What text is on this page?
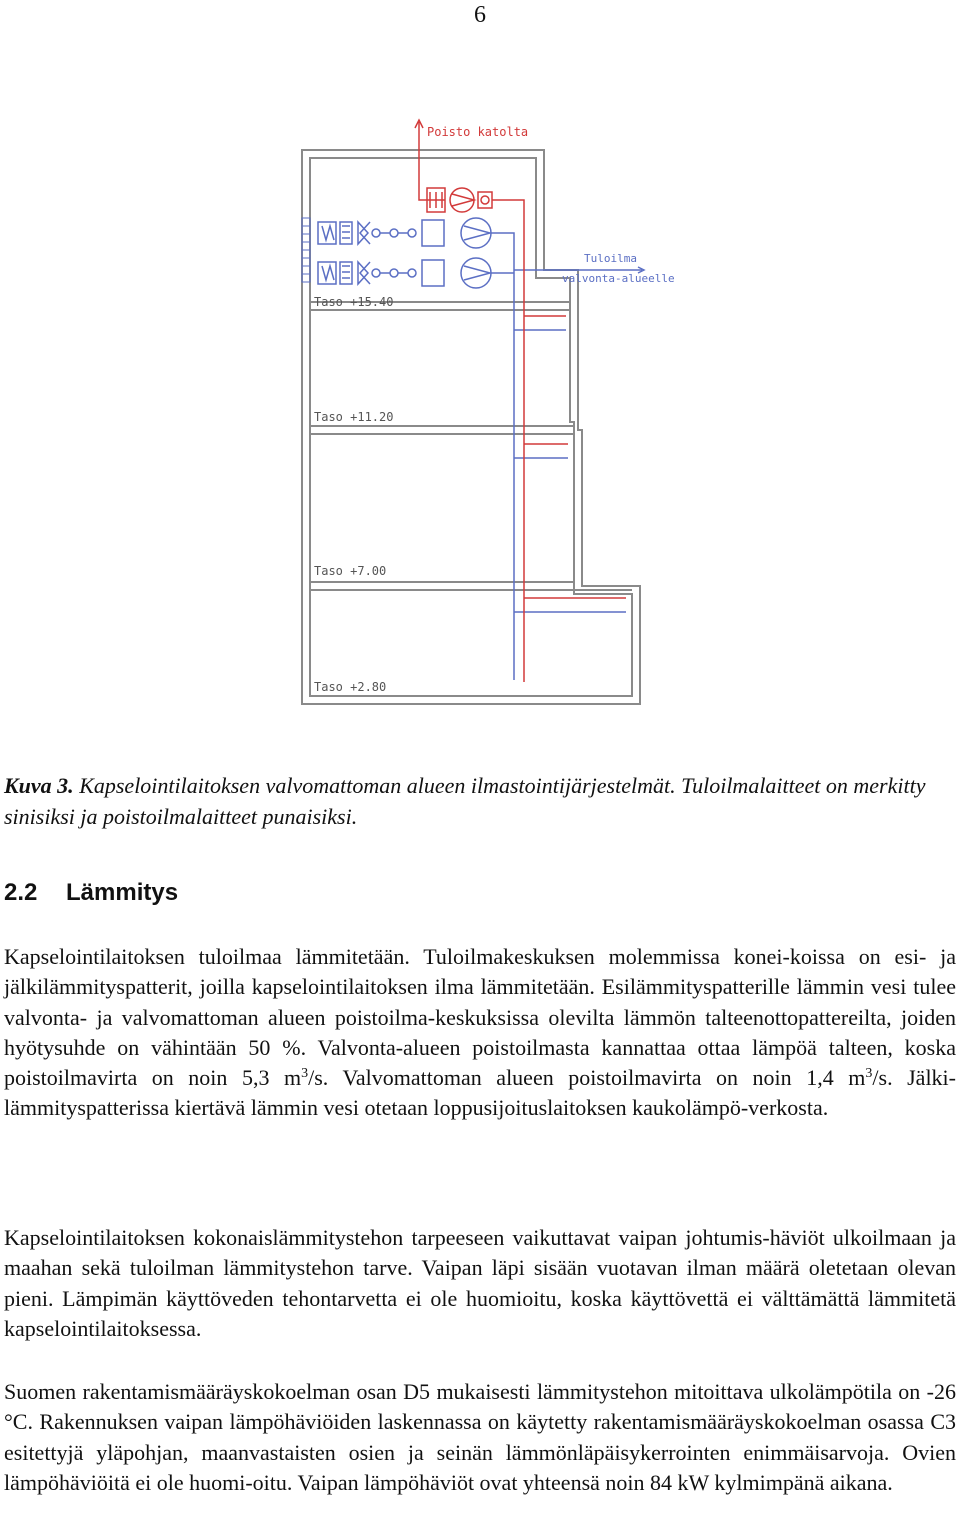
6
Poisto katolta
Tuloilma
valvonta-alueelle
Taso +15.40
Taso +11.20
Taso +7.00
Taso +2.80
Kuva 3. Kapselointilaitoksen valvomattoman alueen ilmastointijärjestelmät. Tuloilmalaitteet on merkitty sinisiksi ja poistoilmalaitteet punaisiksi.
2.2 Lämmitys
Kapselointilaitoksen tuloilmaa lämmitetään. Tuloilmakeskuksen molemmissa konei-koissa on esi- ja jälkilämmityspatterit, joilla kapselointilaitoksen ilma lämmitetään. Esilämmityspatterille lämmin vesi tulee valvonta- ja valvomattoman alueen poistoilma-keskuksissa olevilta lämmön talteenottopattereilta, joiden hyötysuhde on vähintään 50 %. Valvonta-alueen poistoilmasta kannattaa ottaa lämpöä talteen, koska poistoilmavirta on noin 5,3 $m^3/s$. Valvomattoman alueen poistoilmavirta on noin 1,4 $m^3/s$. Jälki-lämmityspatterissa kiertävä lämmin vesi otetaan loppusijoituslaitoksen kaukolämpö-verkosta.
Kapselointilaitoksen kokonaislämmitystehon tarpeeseen vaikuttavat vaipan johtumis-häviöt ulkoilmaan ja maahan sekä tuloilman lämmitystehon tarve. Vaipan läpi sisään vuotavan ilman määrä oletetaan olevan pieni. Lämpimän käyttöveden tehontarvetta ei ole huomioitu, koska käyttövettä ei välttämättä lämmitetä kapselointilaitoksessa.
Suomen rakentamismääräyskokoelman osan D5 mukaisesti lämmitystehon mitoittava ulkolämpötila on -26 °C. Rakennuksen vaipan lämpöhäviöiden laskennassa on käytetty rakentamismääräyskokoelman osassa C3 esitettyjä yläpohjan, maanvastaisten osien ja seinän lämmönläpäisykerrointen enimmäisarvoja. Ovien lämpöhäviöitä ei ole huomi-oitu. Vaipan lämpöhäviöt ovat yhteensä noin 84 kW kylmimpänä aikana.
